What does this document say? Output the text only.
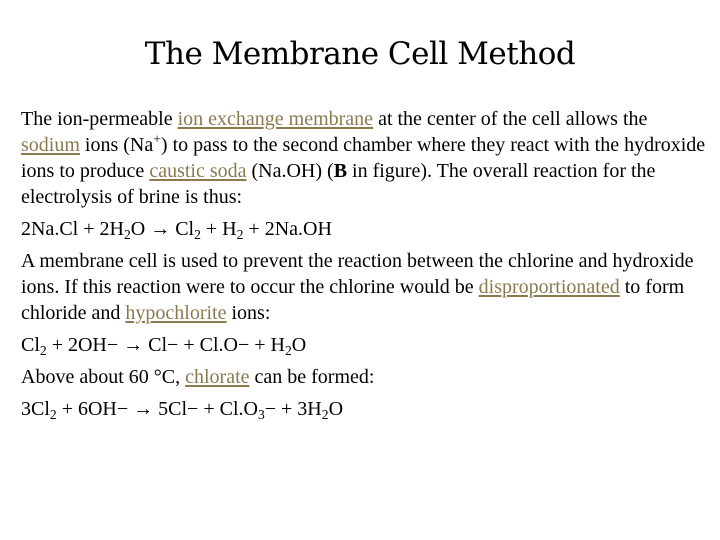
The Membrane Cell Method
The ion-permeable ion exchange membrane at the center of the cell allows the sodium ions (Na+) to pass to the second chamber where they react with the hydroxide ions to produce caustic soda (Na.OH) (B in figure). The overall reaction for the electrolysis of brine is thus:
$2Na.Cl + 2H_2O \to Cl_2 + H_2 + 2Na.OH$
A membrane cell is used to prevent the reaction between the chlorine and hydroxide ions. If this reaction were to occur the chlorine would be disproportionated to form chloride and hypochlorite ions:
$Cl_2 + 2OH- \to Cl- + Cl.O- + H_2O$
Above about 60 °C, chlorate can be formed:
$3Cl_2 + 6OH- \to 5Cl- + Cl.O_3- + 3H_2O$
